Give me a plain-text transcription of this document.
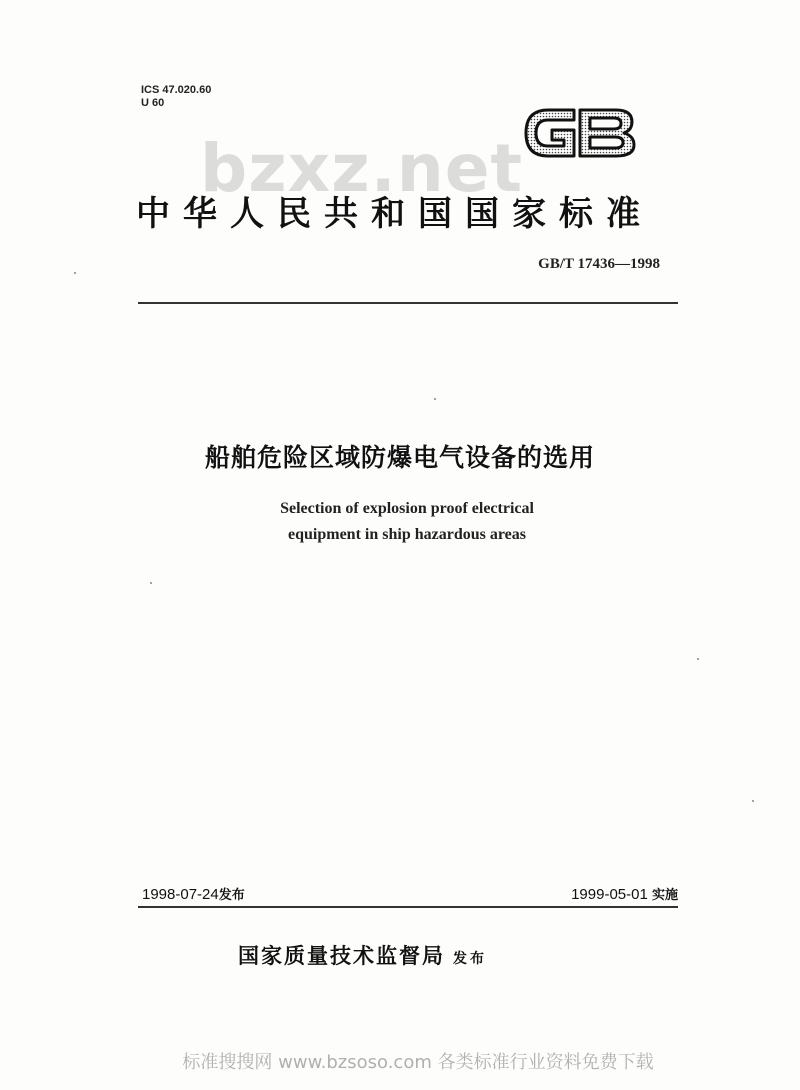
ICS 47.020.60
U 60
bzxz.net
中华人民共和国国家标准
GB/T 17436—1998
船舶危险区域防爆电气设备的选用
Selection of explosion proof electrical
equipment in ship hazardous areas
1998-07-24发布	1999-05-01 实施
国家质量技术监督局 发布
标准搜搜网 www.bzsoso.com 各类标准行业资料免费下载
